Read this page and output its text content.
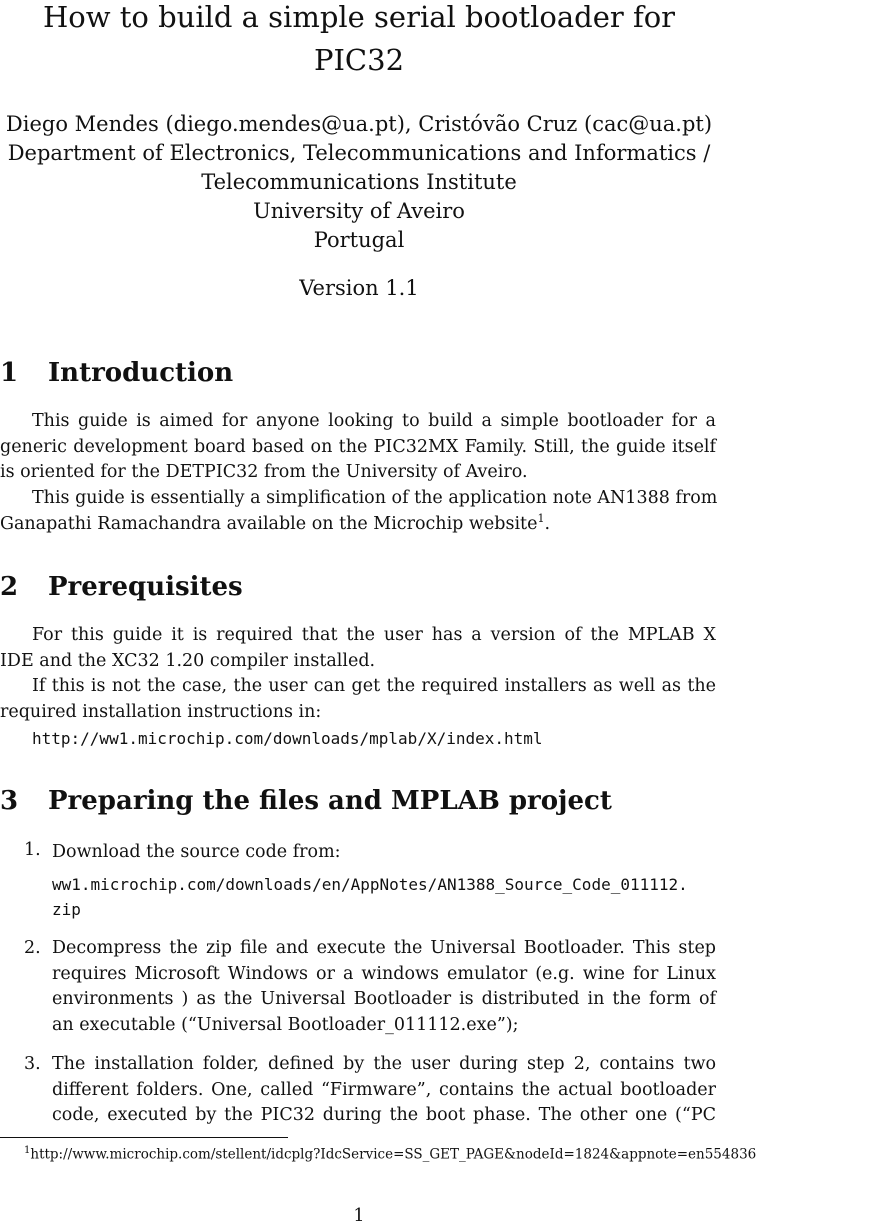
How to build a simple serial bootloader for
PIC32
Diego Mendes (diego.mendes@ua.pt), Cristóvão Cruz (cac@ua.pt)
Department of Electronics, Telecommunications and Informatics /
Telecommunications Institute
University of Aveiro
Portugal
Version 1.1
1 Introduction
This guide is aimed for anyone looking to build a simple bootloader for a
generic development board based on the PIC32MX Family. Still, the guide itself
is oriented for the DETPIC32 from the University of Aveiro.
This guide is essentially a simplification of the application note AN1388 from
Ganapathi Ramachandra available on the Microchip website$^1$.
2 Prerequisites
For this guide it is required that the user has a version of the MPLAB X
IDE and the XC32 1.20 compiler installed.
If this is not the case, the user can get the required installers as well as the
required installation instructions in:
http://ww1.microchip.com/downloads/mplab/X/index.html
3 Preparing the files and MPLAB project
1. Download the source code from:
ww1.microchip.com/downloads/en/AppNotes/AN1388_Source_Code_011112.
zip
2. Decompress the zip file and execute the Universal Bootloader. This step
requires Microsoft Windows or a windows emulator (e.g. wine for Linux
environments ) as the Universal Bootloader is distributed in the form of
an executable (“Universal Bootloader_011112.exe”);
3. The installation folder, defined by the user during step 2, contains two
different folders. One, called “Firmware”, contains the actual bootloader
code, executed by the PIC32 during the boot phase. The other one (“PC
$^1$http://www.microchip.com/stellent/idcplg?IdcService=SS_GET_PAGE&nodeId=1824&appnote=en554836
1
